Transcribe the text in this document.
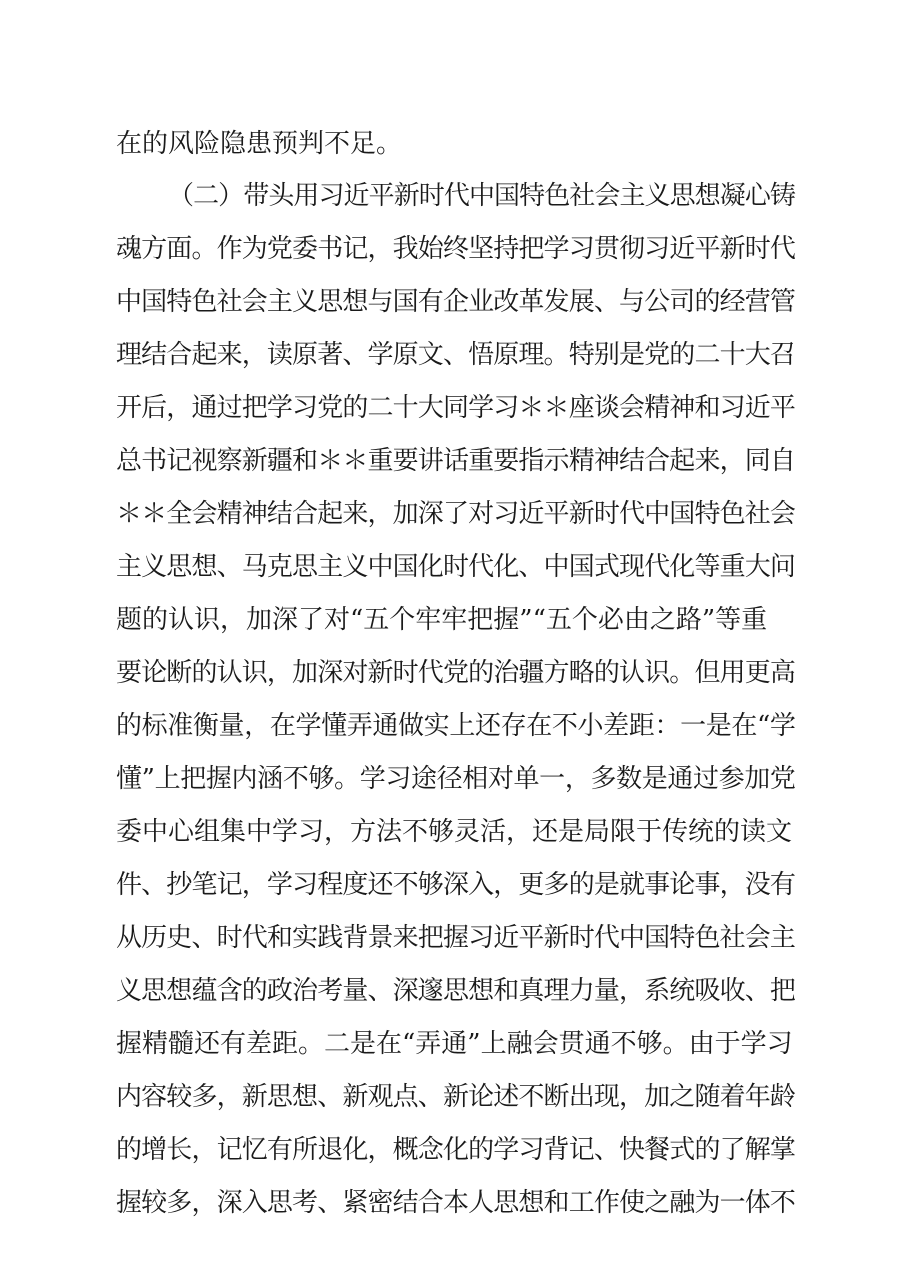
在的风险隐患预判不足。
（二）带头用习近平新时代中国特色社会主义思想凝心铸
魂方面。作为党委书记，我始终坚持把学习贯彻习近平新时代
中国特色社会主义思想与国有企业改革发展、与公司的经营管
理结合起来，读原著、学原文、悟原理。特别是党的二十大召
开后，通过把学习党的二十大同学习＊＊座谈会精神和习近平
总书记视察新疆和＊＊重要讲话重要指示精神结合起来，同自
＊＊全会精神结合起来，加深了对习近平新时代中国特色社会
主义思想、马克思主义中国化时代化、中国式现代化等重大问
题的认识，加深了对“五个牢牢把握”“五个必由之路”等重
要论断的认识，加深对新时代党的治疆方略的认识。但用更高
的标准衡量，在学懂弄通做实上还存在不小差距：一是在“学
懂”上把握内涵不够。学习途径相对单一，多数是通过参加党
委中心组集中学习，方法不够灵活，还是局限于传统的读文
件、抄笔记，学习程度还不够深入，更多的是就事论事，没有
从历史、时代和实践背景来把握习近平新时代中国特色社会主
义思想蕴含的政治考量、深邃思想和真理力量，系统吸收、把
握精髓还有差距。二是在“弄通”上融会贯通不够。由于学习
内容较多，新思想、新观点、新论述不断出现，加之随着年龄
的增长，记忆有所退化，概念化的学习背记、快餐式的了解掌
握较多，深入思考、紧密结合本人思想和工作使之融为一体不
